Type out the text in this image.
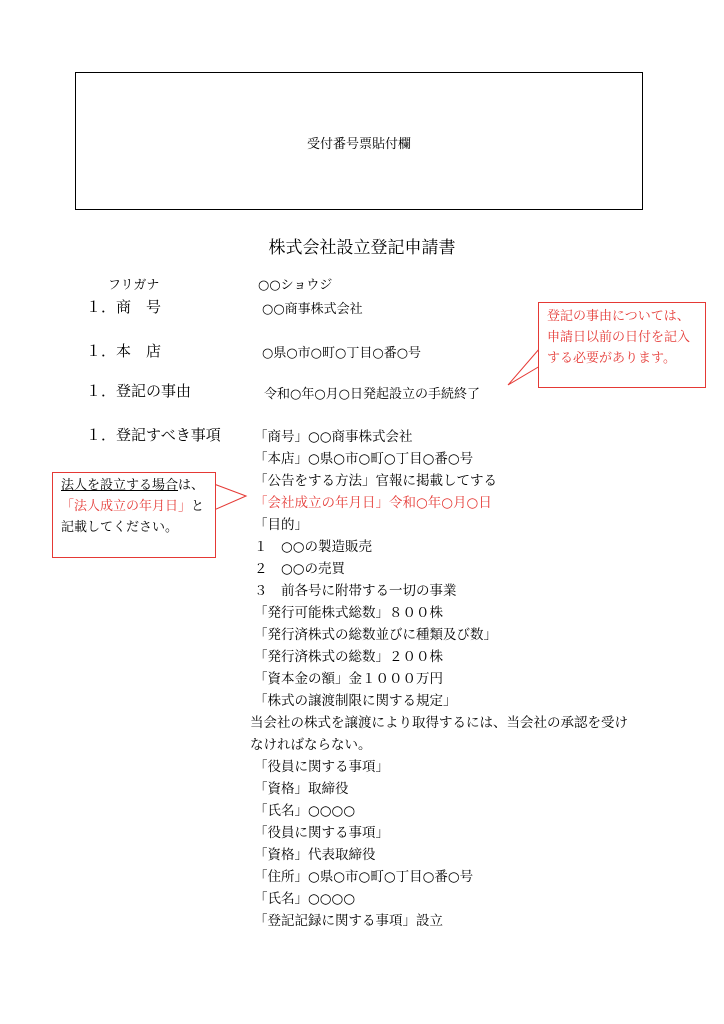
受付番号票貼付欄
株式会社設立登記申請書
フリガナ	○○ショウジ
１．商　号	○○商事株式会社
１．本　店	○県○市○町○丁目○番○号
１．登記の事由	令和○年○月○日発起設立の手続終了
１．登記すべき事項 「商号」○○商事株式会社
「本店」○県○市○町○丁目○番○号
「公告をする方法」官報に掲載してする
「会社成立の年月日」令和○年○月○日
「目的」
１　○○の製造販売
２　○○の売買
３　前各号に附帯する一切の事業
「発行可能株式総数」８００株
「発行済株式の総数並びに種類及び数」
「発行済株式の総数」２００株
「資本金の額」金１０００万円
「株式の譲渡制限に関する規定」
当会社の株式を譲渡により取得するには、当会社の承認を受け
なければならない。
「役員に関する事項」
「資格」取締役
「氏名」○○○○
「役員に関する事項」
「資格」代表取締役
「住所」○県○市○町○丁目○番○号
「氏名」○○○○
「登記記録に関する事項」設立
登記の事由については、申請日以前の日付を記入する必要があります。
法人を設立する場合は、「法人成立の年月日」と記載してください。
